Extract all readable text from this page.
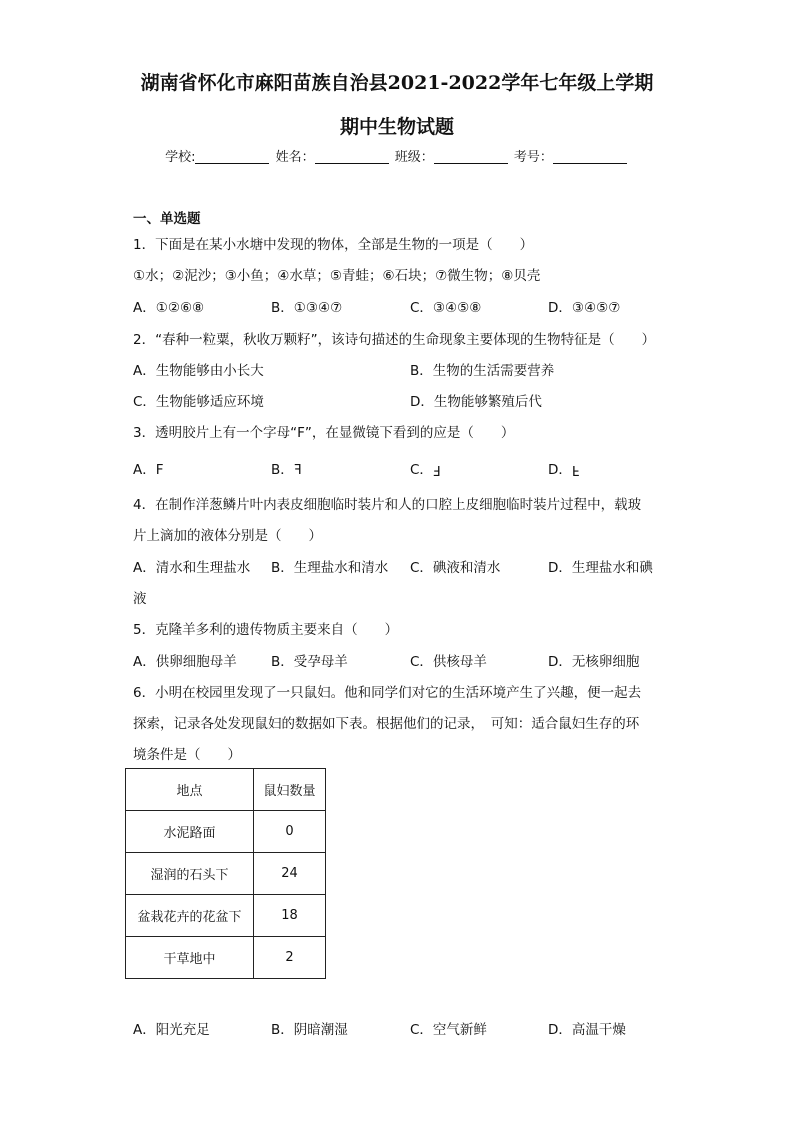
湖南省怀化市麻阳苗族自治县2021-2022学年七年级上学期
期中生物试题
学校:	姓名：	班级：	考号：
一、单选题
1．下面是在某小水塘中发现的物体，全部是生物的一项是（　　）
①水；②泥沙；③小鱼；④水草；⑤青蛙；⑥石块；⑦微生物；⑧贝壳
A．①②⑥⑧	B．①③④⑦	C．③④⑤⑧	D．③④⑤⑦
2．“春种一粒粟，秋收万颗籽”，该诗句描述的生命现象主要体现的生物特征是（　　）
A．生物能够由小长大	B．生物的生活需要营养
C．生物能够适应环境	D．生物能够繁殖后代
3．透明胶片上有一个字母“F”，在显微镜下看到的应是（　　）
A．F	B．F	C．F	D．F
4．在制作洋葱鳞片叶内表皮细胞临时装片和人的口腔上皮细胞临时装片过程中，载玻
片上滴加的液体分别是（　　）
A．清水和生理盐水 B．生理盐水和清水 C．碘液和清水	D．生理盐水和碘
液
5．克隆羊多利的遗传物质主要来自（　　）
A．供卵细胞母羊	B．受孕母羊	C．供核母羊	D．无核卵细胞
6．小明在校园里发现了一只鼠妇。他和同学们对它的生活环境产生了兴趣，便一起去
探索，记录各处发现鼠妇的数据如下表。根据他们的记录，　可知：适合鼠妇生存的环
境条件是（　　）
地点	鼠妇数量
水泥路面	0
湿润的石头下	24
盆栽花卉的花盆下	18
干草地中	2
A．阳光充足	B．阴暗潮湿	C．空气新鲜	D．高温干燥
